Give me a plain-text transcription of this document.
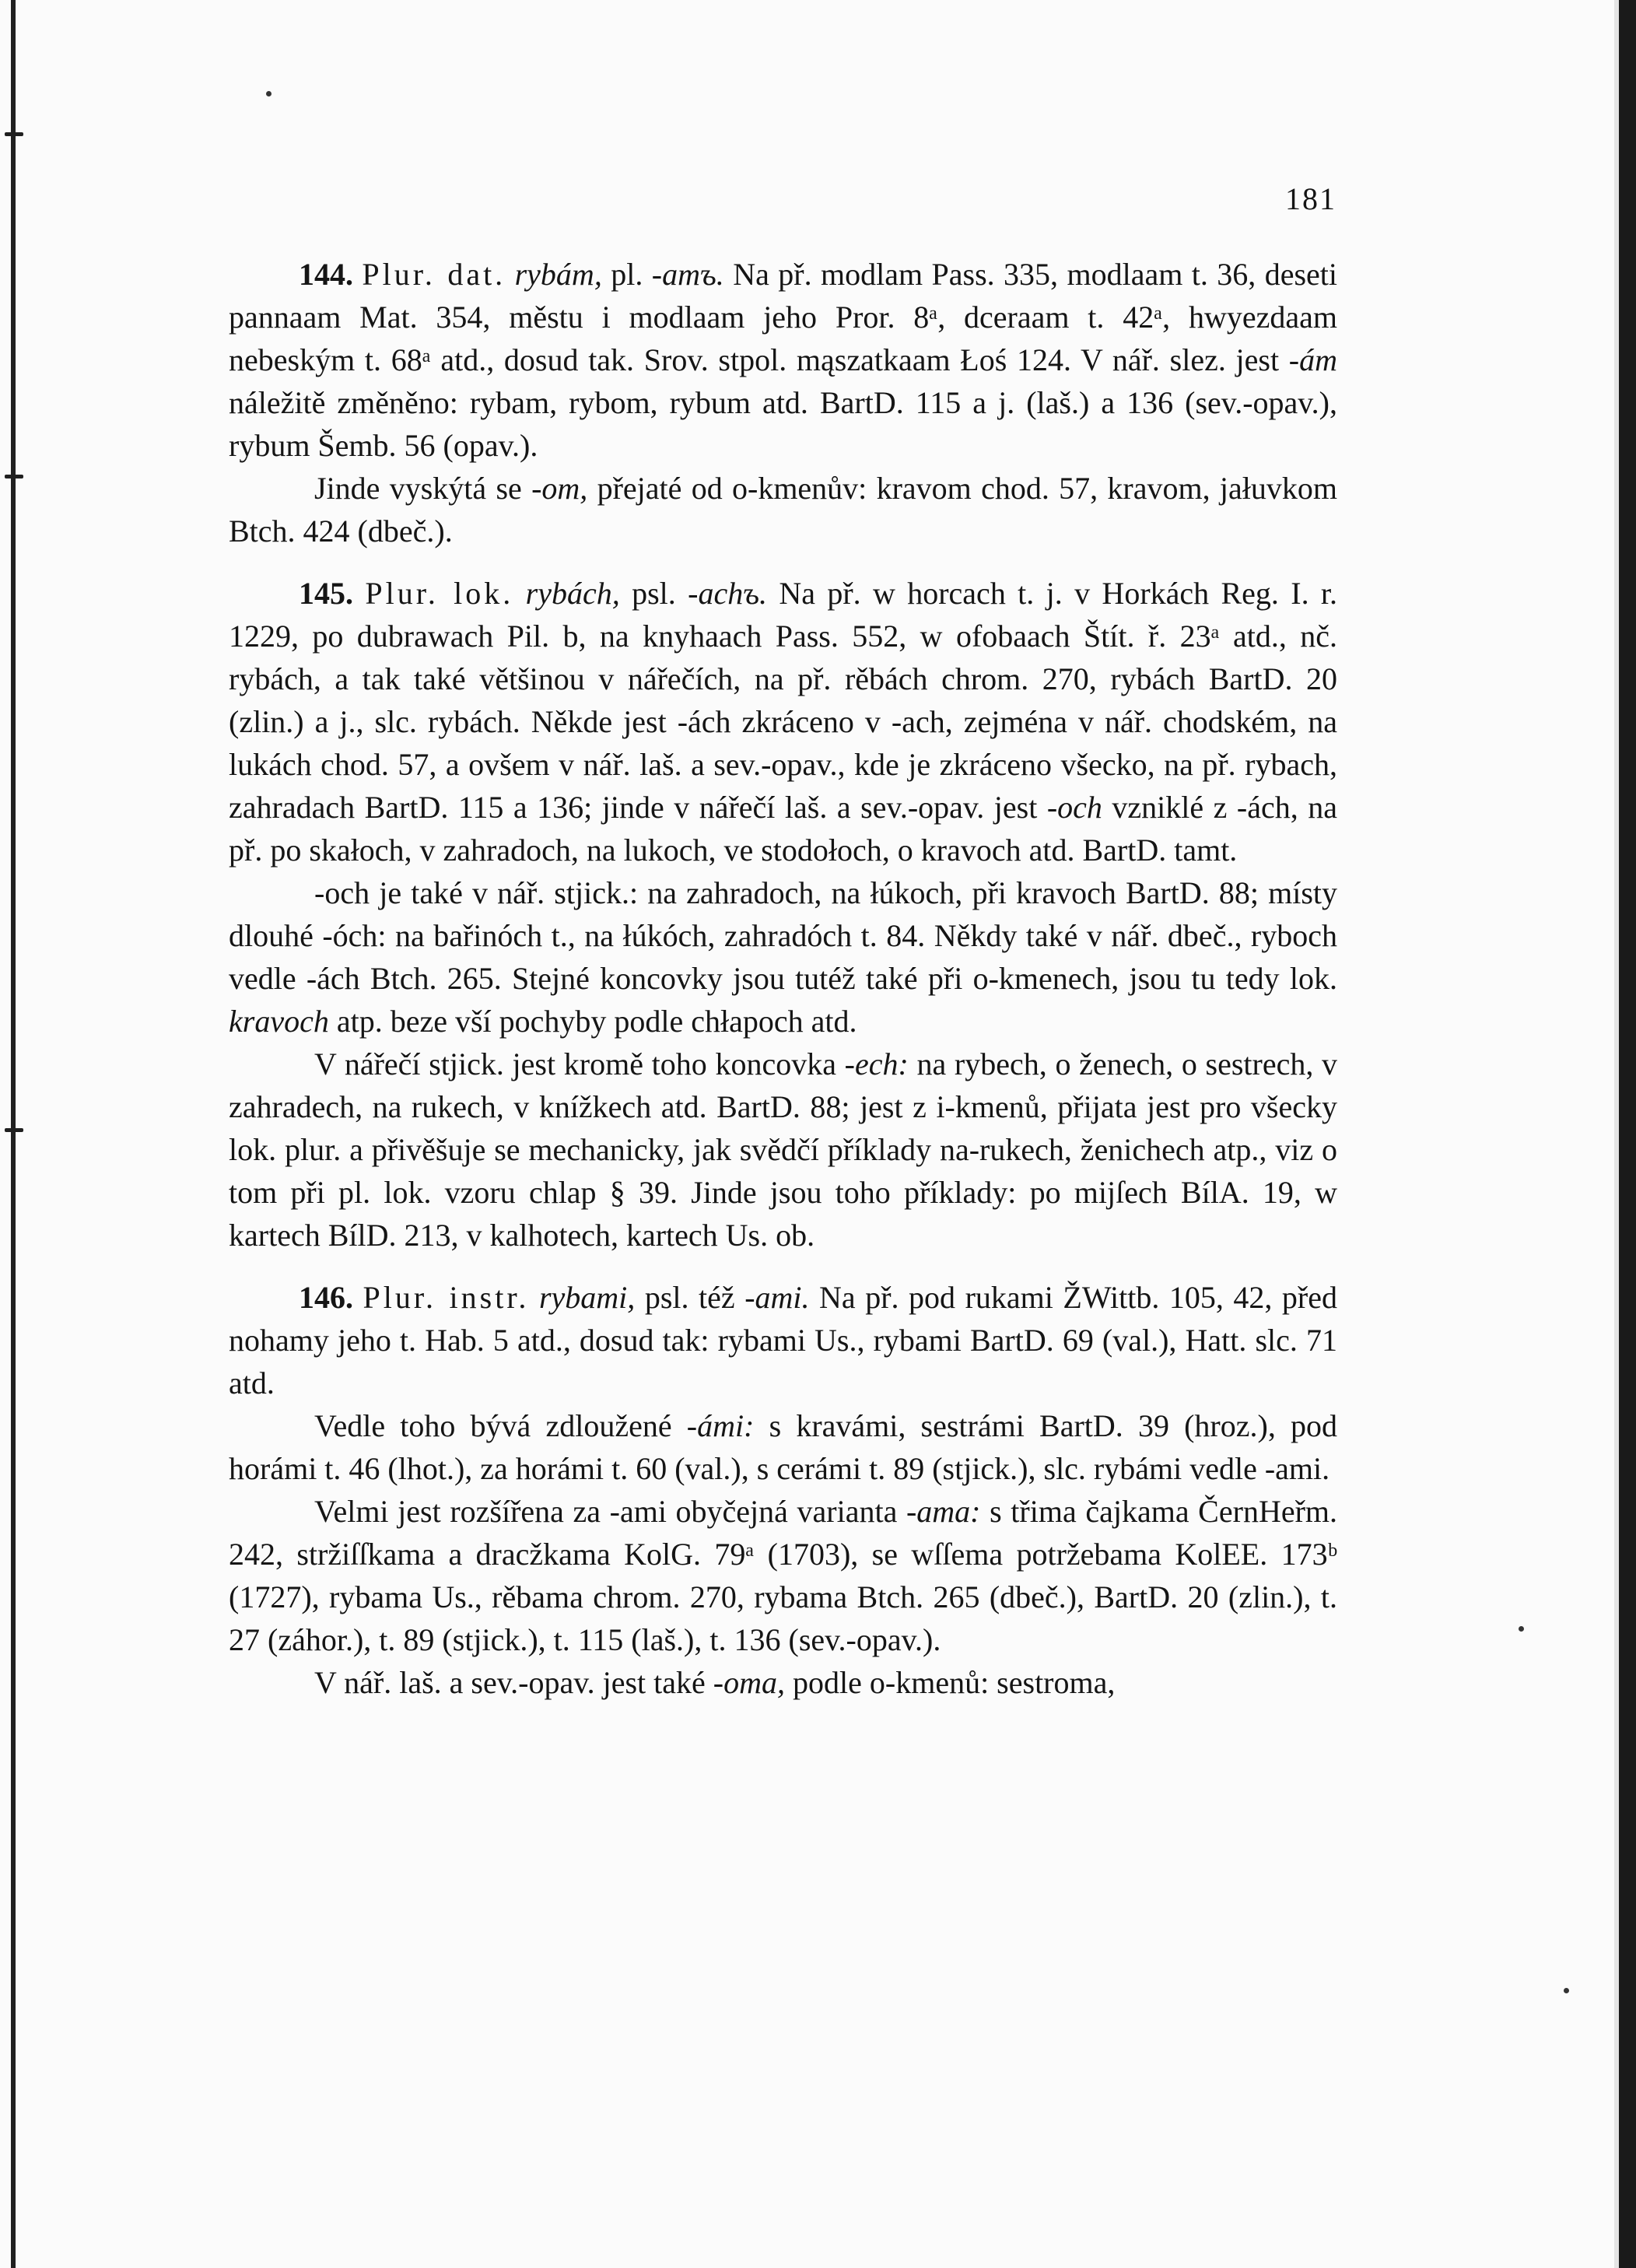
181

144. Plur. dat. rybám, pl. -amъ. Na př. modlam Pass. 335, modlaam t. 36, deseti pannaam Mat. 354, městu i modlaam jeho Pror. 8ᵃ, dceraam t. 42ᵃ, hwyezdaam nebeským t. 68ᵃ atd., dosud tak. Srov. stpol. mąszatkaam Łoś 124. V nář. slez. jest -ám náležitě změněno: rybam, rybom, rybum atd. BartD. 115 a j. (laš.) a 136 (sev.-opav.), rybum Šemb. 56 (opav.).

Jinde vyskýtá se -om, přejaté od o-kmenův: kravom chod. 57, kravom, jałuvkom Btch. 424 (dbeč.).

145. Plur. lok. rybách, psl. -achъ. Na př. w horcach t. j. v Horkách Reg. I. r. 1229, po dubrawach Pil. b, na knyhaach Pass. 552, w ofobaach Štít. ř. 23ᵃ atd., nč. rybách, a tak také většinou v nářečích, na př. rěbách chrom. 270, rybách BartD. 20 (zlin.) a j., slc. rybách. Někde jest -ách zkráceno v -ach, zejména v nář. chodském, na lukách chod. 57, a ovšem v nář. laš. a sev.-opav., kde je zkráceno všecko, na př. rybach, zahradach BartD. 115 a 136; jinde v nářečí laš. a sev.-opav. jest -och vzniklé z -ách, na př. po skałoch, v zahradoch, na lukoch, ve stodołoch, o kravoch atd. BartD. tamt.

-och je také v nář. stjick.: na zahradoch, na łúkoch, při kravoch BartD. 88; místy dlouhé -óch: na bařinóch t., na łúkóch, zahradóch t. 84. Někdy také v nář. dbeč., ryboch vedle -ách Btch. 265. Stejné koncovky jsou tutéž také při o-kmenech, jsou tu tedy lok. kravoch atp. beze vší pochyby podle chłapoch atd.

V nářečí stjick. jest kromě toho koncovka -ech: na rybech, o ženech, o sestrech, v zahradech, na rukech, v knížkech atd. BartD. 88; jest z i-kmenů, přijata jest pro všecky lok. plur. a přivěšuje se mechanicky, jak svědčí příklady na-rukech, ženichech atp., viz o tom při pl. lok. vzoru chlap § 39. Jinde jsou toho příklady: po mijſech BílA. 19, w kartech BílD. 213, v kalhotech, kartech Us. ob.

146. Plur. instr. rybami, psl. též -ami. Na př. pod rukami ŽWittb. 105, 42, před nohamy jeho t. Hab. 5 atd., dosud tak: rybami Us., rybami BartD. 69 (val.), Hatt. slc. 71 atd.

Vedle toho bývá zdloužené -ámi: s kravámi, sestrámi BartD. 39 (hroz.), pod horámi t. 46 (lhot.), za horámi t. 60 (val.), s cerámi t. 89 (stjick.), slc. rybámi vedle -ami.

Velmi jest rozšířena za -ami obyčejná varianta -ama: s třima čajkama ČernHeřm. 242, stržiſſkama a dracžkama KolG. 79ᵃ (1703), se wſſema potržebama KolEE. 173ᵇ (1727), rybama Us., rěbama chrom. 270, rybama Btch. 265 (dbeč.), BartD. 20 (zlin.), t. 27 (záhor.), t. 89 (stjick.), t. 115 (laš.), t. 136 (sev.-opav.).

V nář. laš. a sev.-opav. jest také -oma, podle o-kmenů: sestroma,
